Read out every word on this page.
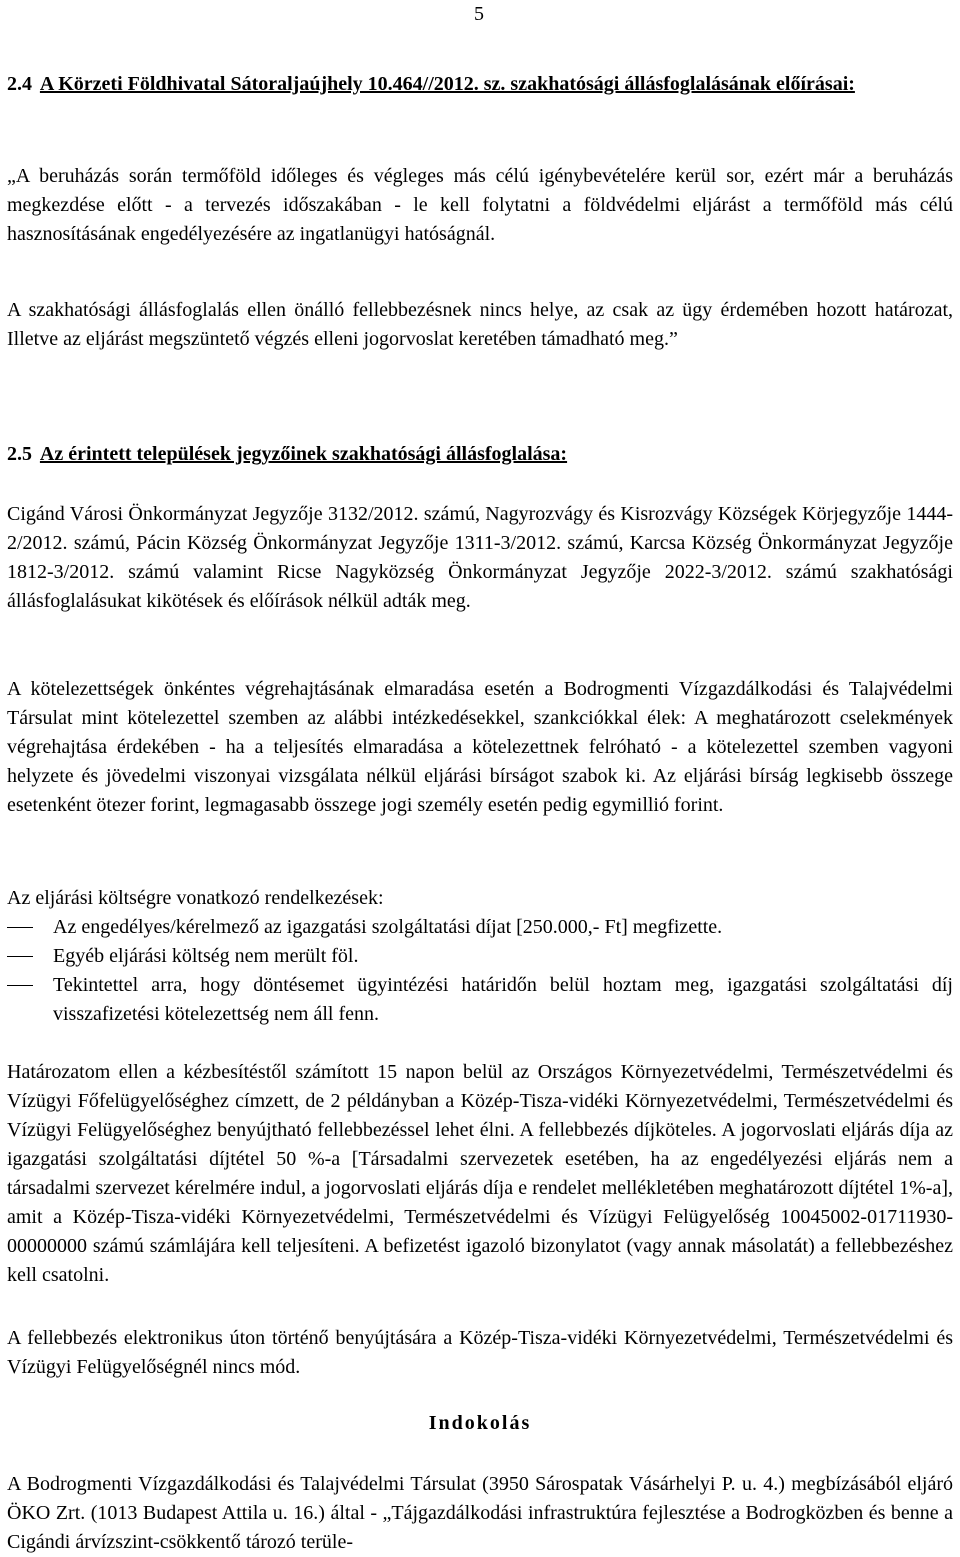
5

2.4 A Körzeti Földhivatal Sátoraljaújhely 10.464//2012. sz. szakhatósági állásfoglalásának előírásai:

„A beruházás során termőföld időleges és végleges más célú igénybevételére kerül sor, ezért már a beruházás megkezdése előtt - a tervezés időszakában - le kell folytatni a földvédelmi eljárást a termőföld más célú hasznosításának engedélyezésére az ingatlanügyi hatóságnál.

A szakhatósági állásfoglalás ellen önálló fellebbezésnek nincs helye, az csak az ügy érdemében hozott határozat, Illetve az eljárást megszüntető végzés elleni jogorvoslat keretében támadható meg.”

2.5 Az érintett települések jegyzőinek szakhatósági állásfoglalása:

Cigánd Városi Önkormányzat Jegyzője 3132/2012. számú, Nagyrozvágy és Kisrozvágy Községek Körjegyzője 1444-2/2012. számú, Pácin Község Önkormányzat Jegyzője 1311-3/2012. számú, Karcsa Község Önkormányzat Jegyzője 1812-3/2012. számú valamint Ricse Nagyközség Önkormányzat Jegyzője 2022-3/2012. számú szakhatósági állásfoglalásukat kikötések és előírások nélkül adták meg.

A kötelezettségek önkéntes végrehajtásának elmaradása esetén a Bodrogmenti Vízgazdálkodási és Talajvédelmi Társulat mint kötelezettel szemben az alábbi intézkedésekkel, szankciókkal élek: A meghatározott cselekmények végrehajtása érdekében - ha a teljesítés elmaradása a kötelezettnek felróható - a kötelezettel szemben vagyoni helyzete és jövedelmi viszonyai vizsgálata nélkül eljárási bírságot szabok ki. Az eljárási bírság legkisebb összege esetenként ötezer forint, legmagasabb összege jogi személy esetén pedig egymillió forint.

Az eljárási költségre vonatkozó rendelkezések:

Az engedélyes/kérelmező az igazgatási szolgáltatási díjat [250.000,- Ft] megfizette.
Egyéb eljárási költség nem merült föl.
Tekintettel arra, hogy döntésemet ügyintézési határidőn belül hoztam meg, igazgatási szolgáltatási díj visszafizetési kötelezettség nem áll fenn.

Határozatom ellen a kézbesítéstől számított 15 napon belül az Országos Környezetvédelmi, Természetvédelmi és Vízügyi Főfelügyelőséghez címzett, de 2 példányban a Közép-Tisza-vidéki Környezetvédelmi, Természetvédelmi és Vízügyi Felügyelőséghez benyújtható fellebbezéssel lehet élni. A fellebbezés díjköteles. A jogorvoslati eljárás díja az igazgatási szolgáltatási díjtétel 50 %-a [Társadalmi szervezetek esetében, ha az engedélyezési eljárás nem a társadalmi szervezet kérelmére indul, a jogorvoslati eljárás díja e rendelet mellékletében meghatározott díjtétel 1%-a], amit a Közép-Tisza-vidéki Környezetvédelmi, Természetvédelmi és Vízügyi Felügyelőség 10045002-01711930-00000000 számú számlájára kell teljesíteni. A befizetést igazoló bizonylatot (vagy annak másolatát) a fellebbezéshez kell csatolni.

A fellebbezés elektronikus úton történő benyújtására a Közép-Tisza-vidéki Környezetvédelmi, Természetvédelmi és Vízügyi Felügyelőségnél nincs mód.

Indokolás

A Bodrogmenti Vízgazdálkodási és Talajvédelmi Társulat (3950 Sárospatak Vásárhelyi P. u. 4.) megbízásából eljáró ÖKO Zrt. (1013 Budapest Attila u. 16.) által - „Tájgazdálkodási infrastruktúra fejlesztése a Bodrogközben és benne a Cigándi árvízszint-csökkentő tározó terüle-
